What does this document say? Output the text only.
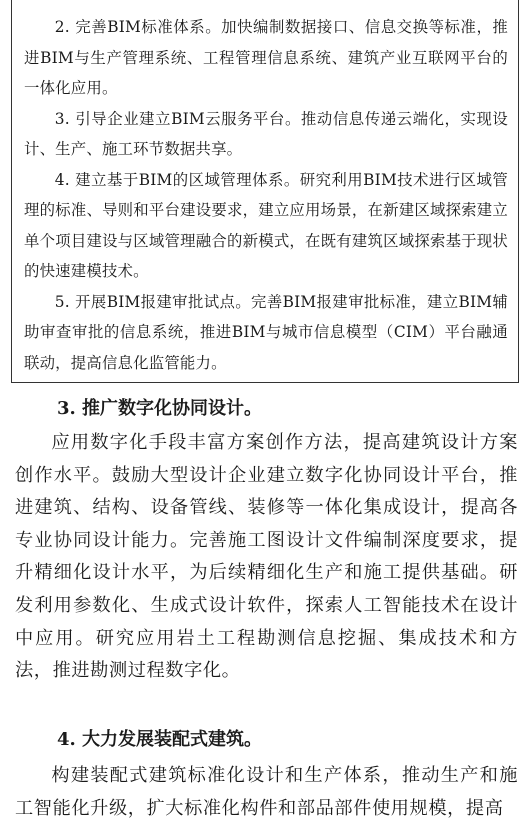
2. 完善BIM标准体系。加快编制数据接口、信息交换等标准，推进BIM与生产管理系统、工程管理信息系统、建筑产业互联网平台的一体化应用。

3. 引导企业建立BIM云服务平台。推动信息传递云端化，实现设计、生产、施工环节数据共享。

4. 建立基于BIM的区域管理体系。研究利用BIM技术进行区域管理的标准、导则和平台建设要求，建立应用场景，在新建区域探索建立单个项目建设与区域管理融合的新模式，在既有建筑区域探索基于现状的快速建模技术。

5. 开展BIM报建审批试点。完善BIM报建审批标准，建立BIM辅助审查审批的信息系统，推进BIM与城市信息模型（CIM）平台融通联动，提高信息化监管能力。

3. 推广数字化协同设计。

应用数字化手段丰富方案创作方法，提高建筑设计方案创作水平。鼓励大型设计企业建立数字化协同设计平台，推进建筑、结构、设备管线、装修等一体化集成设计，提高各专业协同设计能力。完善施工图设计文件编制深度要求，提升精细化设计水平，为后续精细化生产和施工提供基础。研发利用参数化、生成式设计软件，探索人工智能技术在设计中应用。研究应用岩土工程勘测信息挖掘、集成技术和方法，推进勘测过程数字化。

4. 大力发展装配式建筑。

构建装配式建筑标准化设计和生产体系，推动生产和施工智能化升级，扩大标准化构件和部品部件使用规模，提高
